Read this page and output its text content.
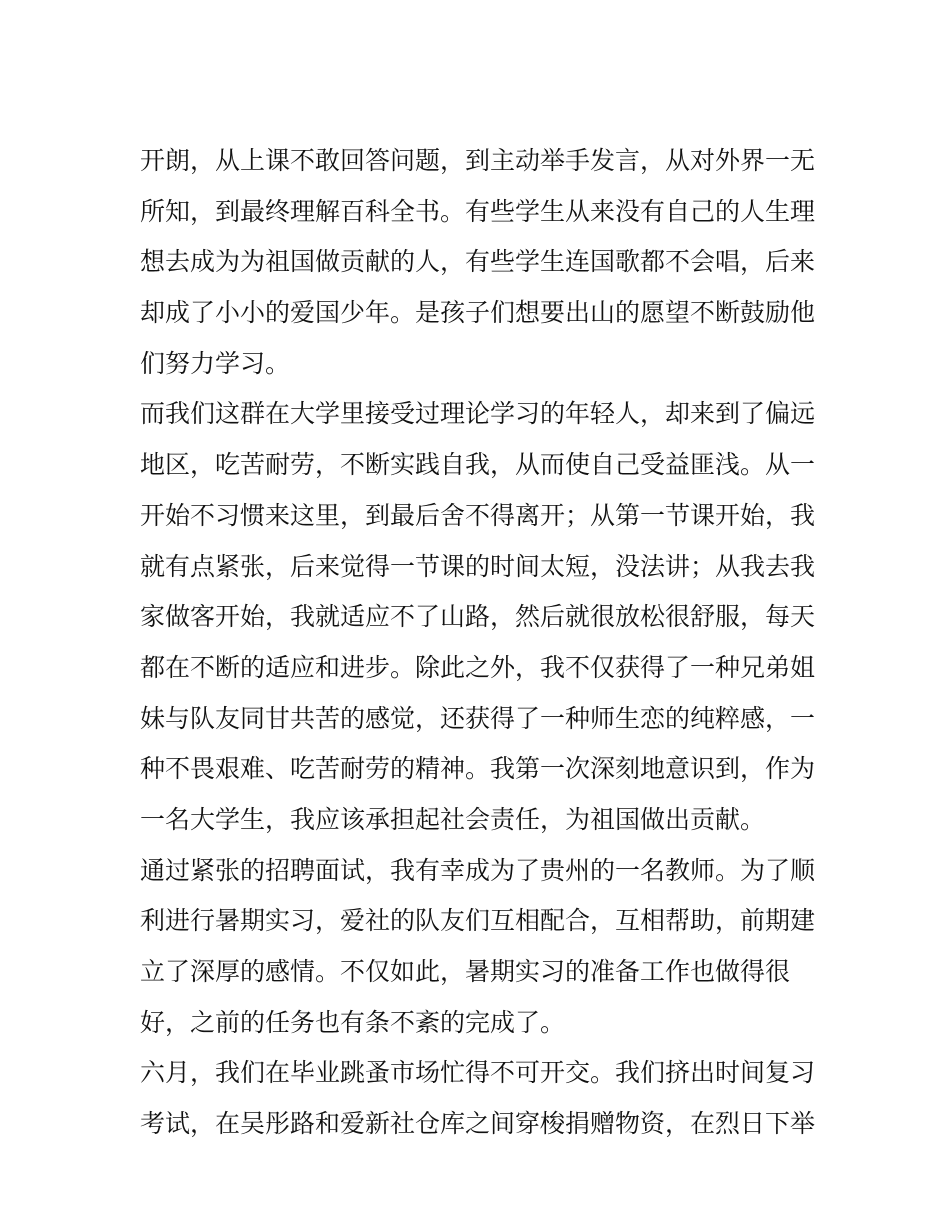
开朗，从上课不敢回答问题，到主动举手发言，从对外界一无
所知，到最终理解百科全书。有些学生从来没有自己的人生理
想去成为为祖国做贡献的人，有些学生连国歌都不会唱，后来
却成了小小的爱国少年。是孩子们想要出山的愿望不断鼓励他
们努力学习。
而我们这群在大学里接受过理论学习的年轻人，却来到了偏远
地区，吃苦耐劳，不断实践自我，从而使自己受益匪浅。从一
开始不习惯来这里，到最后舍不得离开；从第一节课开始，我
就有点紧张，后来觉得一节课的时间太短，没法讲；从我去我
家做客开始，我就适应不了山路，然后就很放松很舒服，每天
都在不断的适应和进步。除此之外，我不仅获得了一种兄弟姐
妹与队友同甘共苦的感觉，还获得了一种师生恋的纯粹感，一
种不畏艰难、吃苦耐劳的精神。我第一次深刻地意识到，作为
一名大学生，我应该承担起社会责任，为祖国做出贡献。
通过紧张的招聘面试，我有幸成为了贵州的一名教师。为了顺
利进行暑期实习，爱社的队友们互相配合，互相帮助，前期建
立了深厚的感情。不仅如此，暑期实习的准备工作也做得很
好，之前的任务也有条不紊的完成了。
六月，我们在毕业跳蚤市场忙得不可开交。我们挤出时间复习
考试，在吴彤路和爱新社仓库之间穿梭捐赠物资，在烈日下举
